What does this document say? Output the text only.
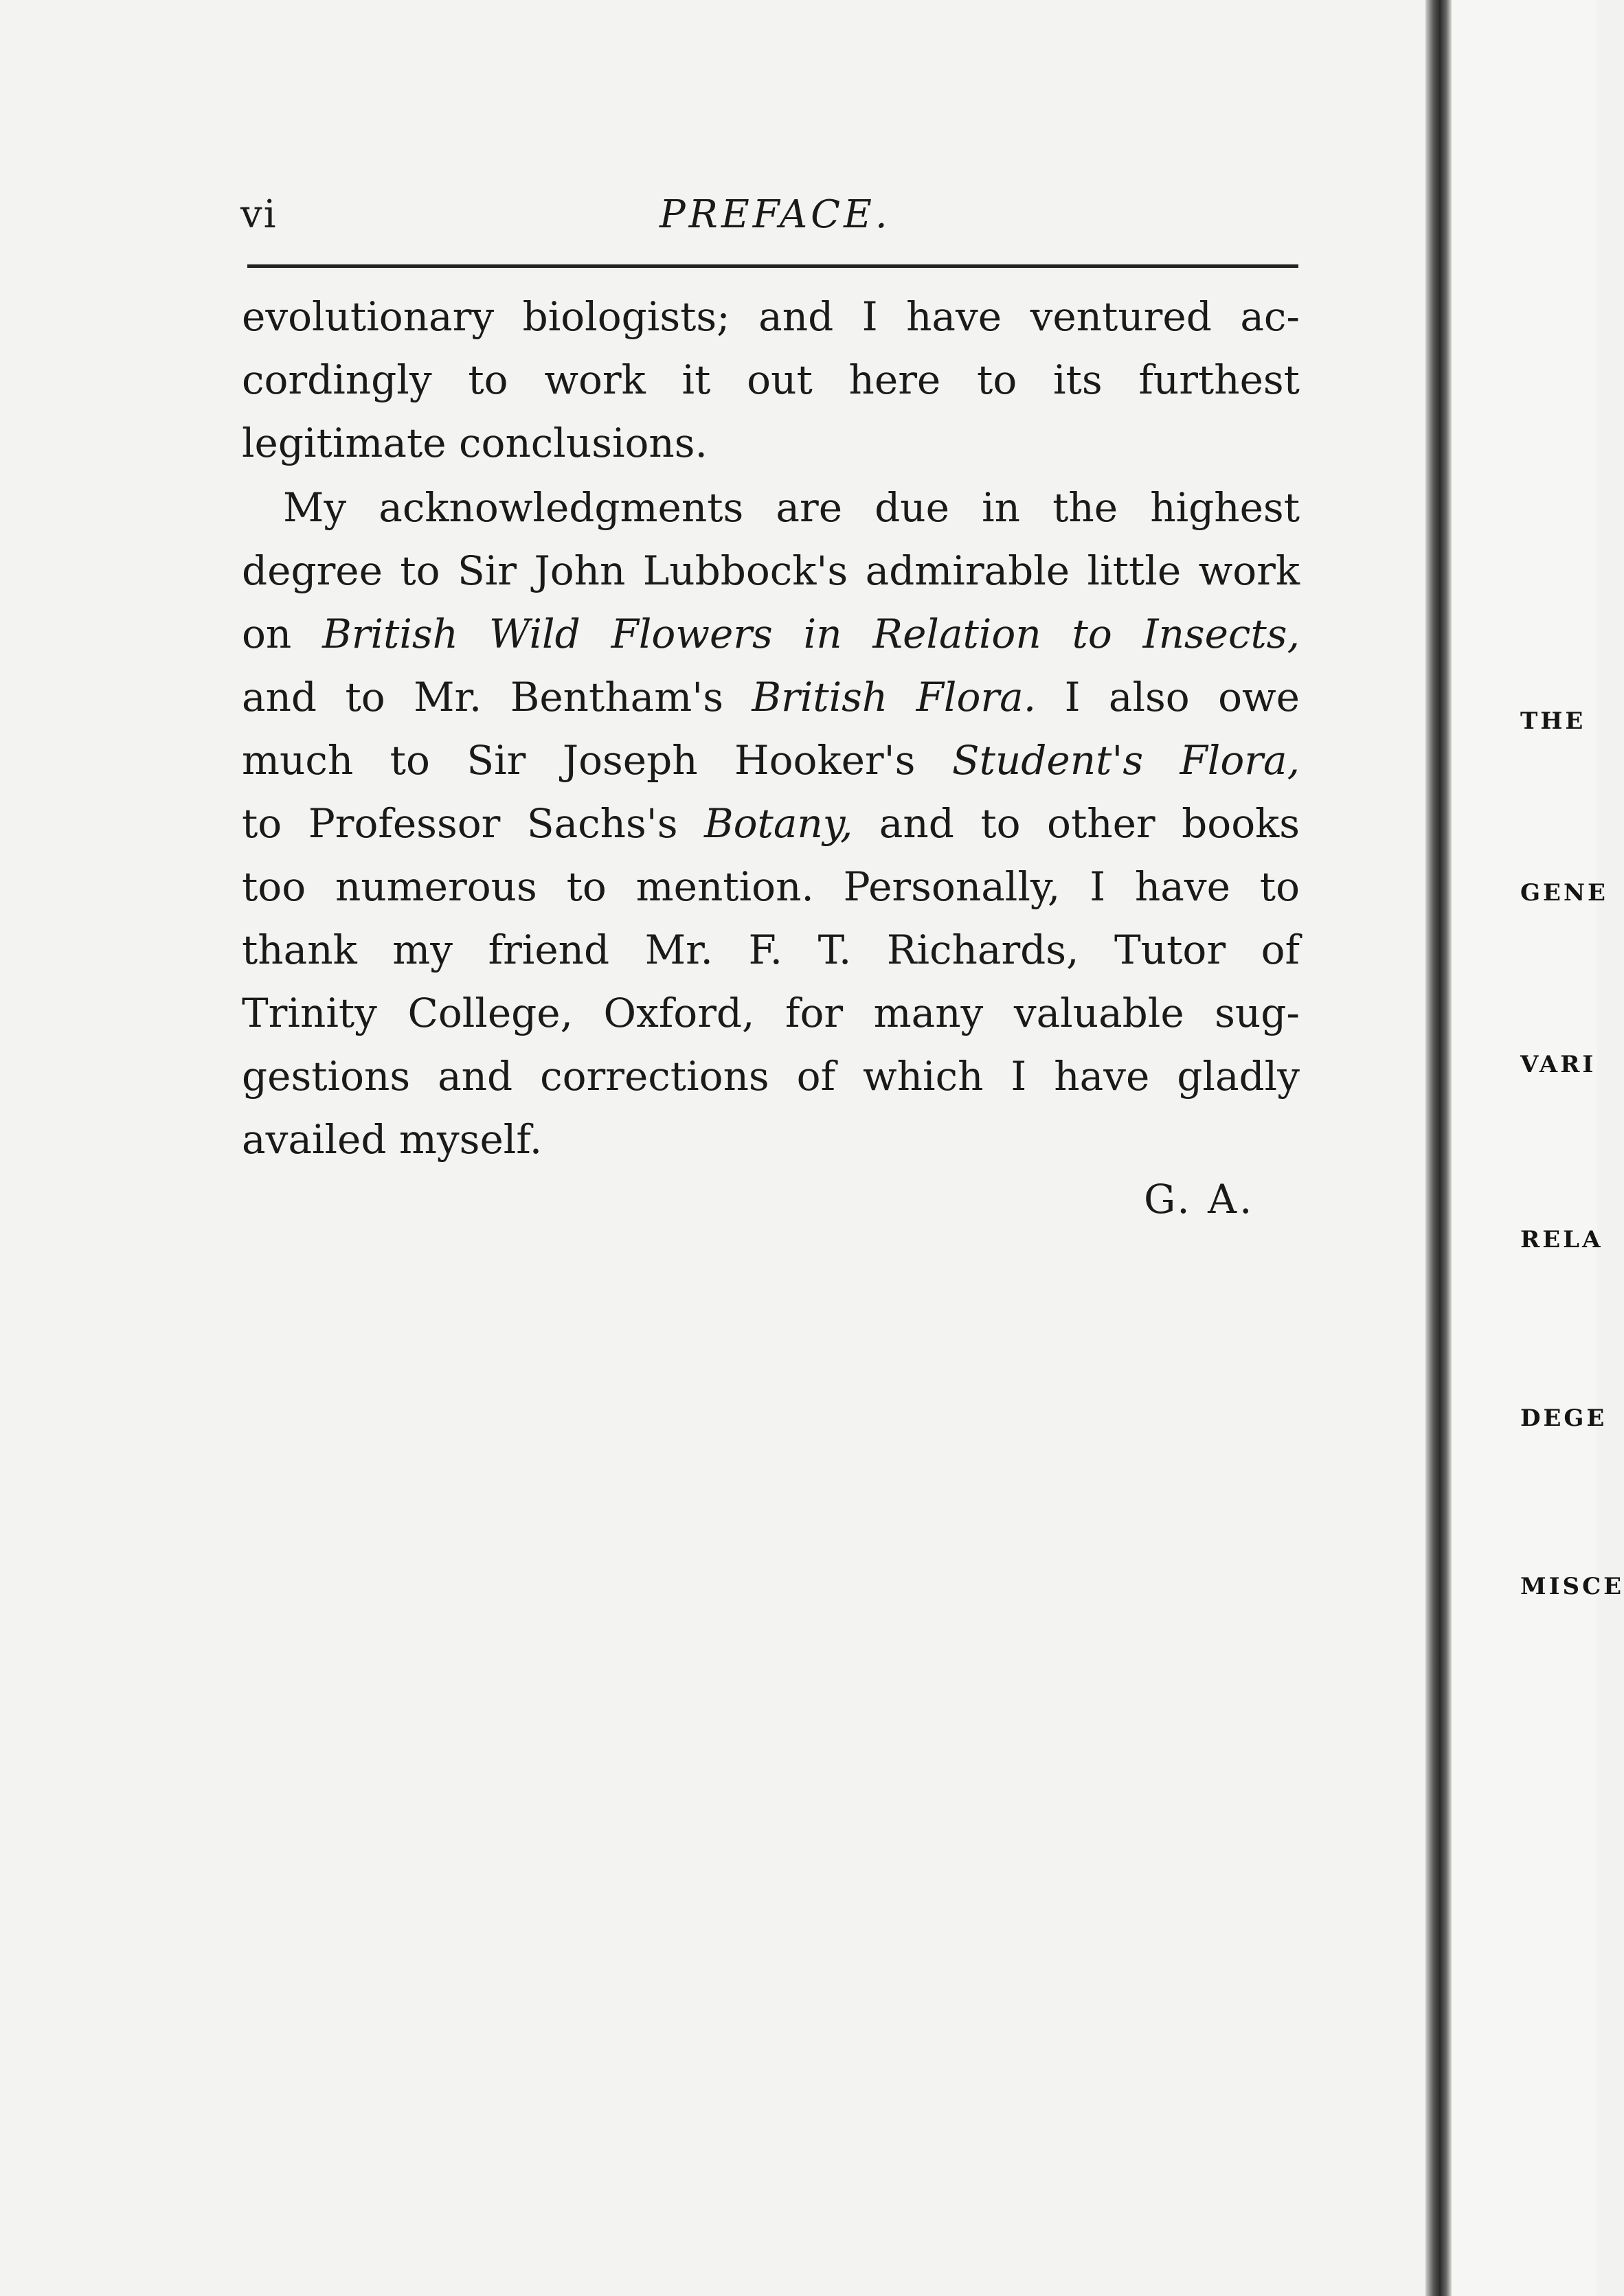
vi	PREFACE.
evolutionary biologists; and I have ventured ac-
cordingly to work it out here to its furthest
legitimate conclusions.
My acknowledgments are due in the highest
degree to Sir John Lubbock's admirable little work
on British Wild Flowers in Relation to Insects,
and to Mr. Bentham's British Flora. I also owe
much to Sir Joseph Hooker's Student's Flora,
to Professor Sachs's Botany, and to other books
too numerous to mention. Personally, I have to
thank my friend Mr. F. T. Richards, Tutor of
Trinity College, Oxford, for many valuable sug-
gestions and corrections of which I have gladly
availed myself.
G. A.
THE
GENE
VARI
RELA
DEGE
MISCE
